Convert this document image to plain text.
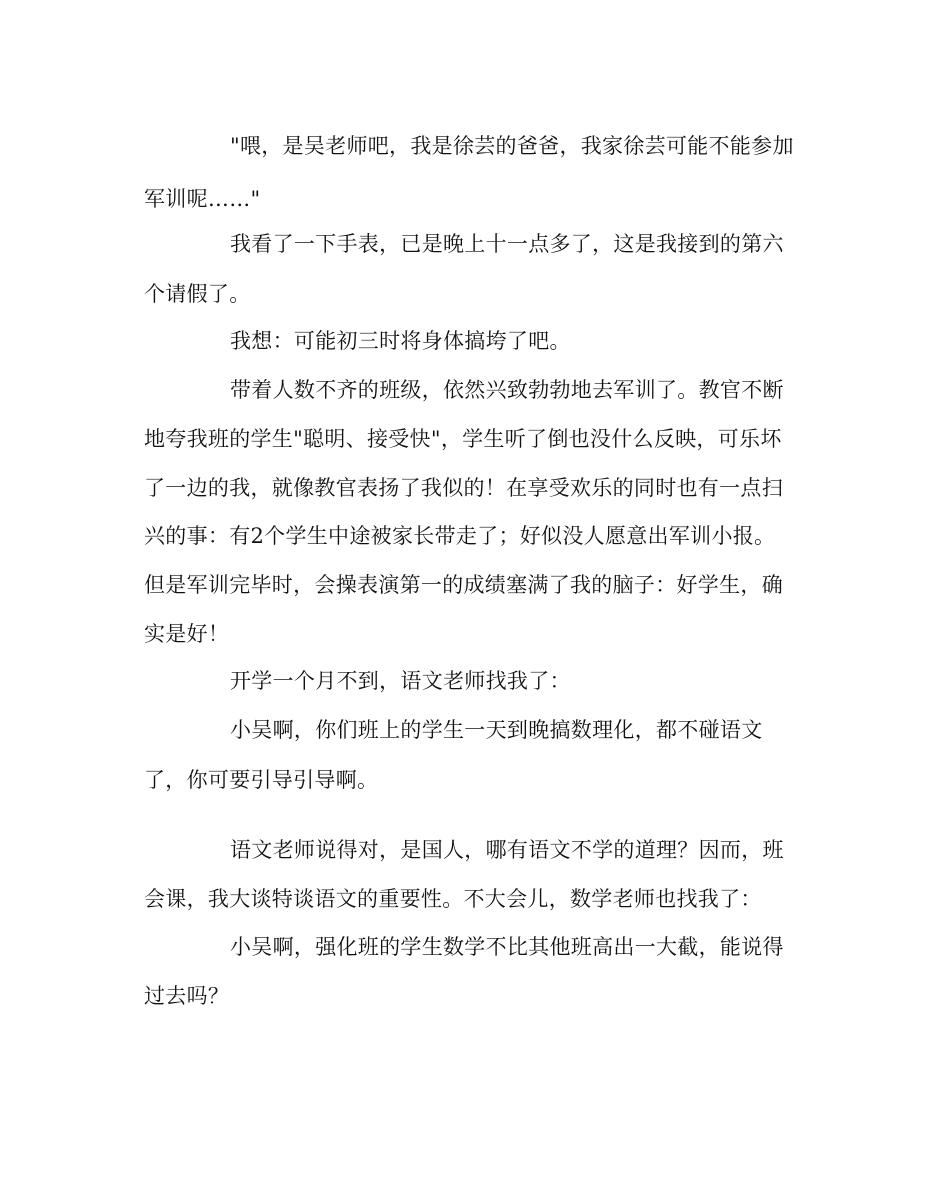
"喂，是吴老师吧，我是徐芸的爸爸，我家徐芸可能不能参加
军训呢……"
我看了一下手表，已是晚上十一点多了，这是我接到的第六
个请假了。
我想：可能初三时将身体搞垮了吧。
带着人数不齐的班级，依然兴致勃勃地去军训了。教官不断
地夸我班的学生"聪明、接受快"，学生听了倒也没什么反映，可乐坏
了一边的我，就像教官表扬了我似的！在享受欢乐的同时也有一点扫
兴的事：有2个学生中途被家长带走了；好似没人愿意出军训小报。
但是军训完毕时，会操表演第一的成绩塞满了我的脑子：好学生，确
实是好！
开学一个月不到，语文老师找我了：
小吴啊，你们班上的学生一天到晚搞数理化，都不碰语文
了，你可要引导引导啊。
语文老师说得对，是国人，哪有语文不学的道理？因而，班
会课，我大谈特谈语文的重要性。不大会儿，数学老师也找我了：
小吴啊，强化班的学生数学不比其他班高出一大截，能说得
过去吗？
